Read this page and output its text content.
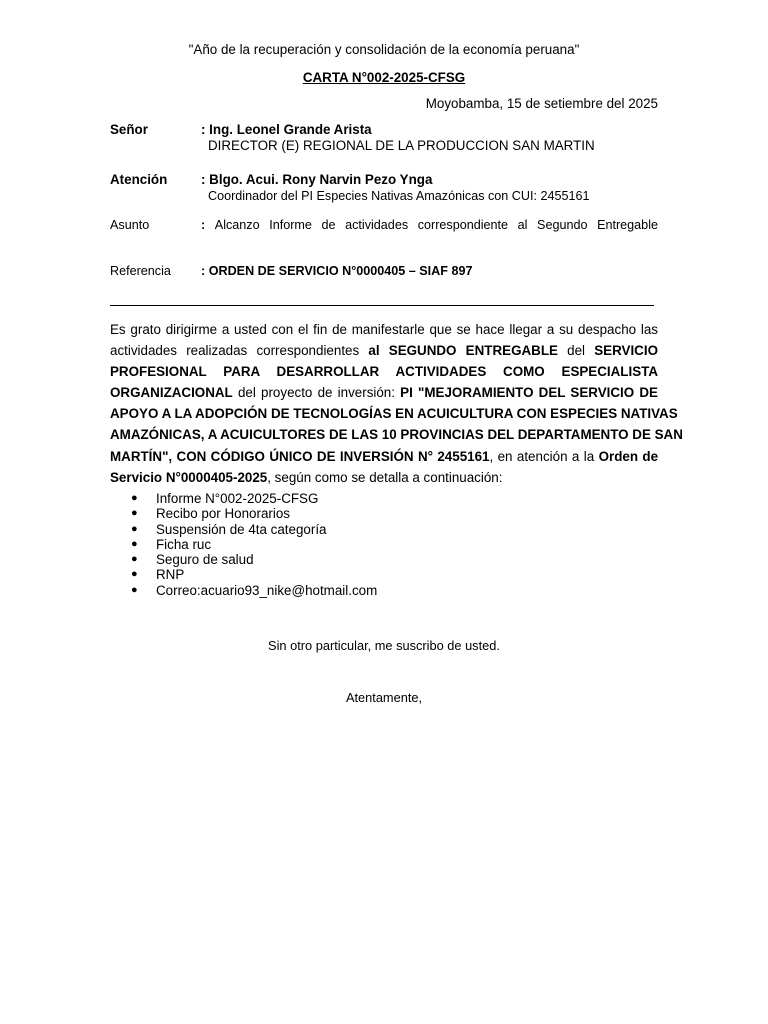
"Año de la recuperación y consolidación de la economía peruana"
CARTA N°002-2025-CFSG
Moyobamba, 15 de setiembre del 2025
Señor	: Ing. Leonel Grande Arista
DIRECTOR (E) REGIONAL DE LA PRODUCCION SAN MARTIN
Atención	: Blgo. Acui. Rony Narvin Pezo Ynga
Coordinador del PI Especies Nativas Amazónicas con CUI: 2455161
Asunto	: Alcanzo Informe de actividades correspondiente al Segundo Entregable
Referencia : ORDEN DE SERVICIO N°0000405 – SIAF 897
Es grato dirigirme a usted con el fin de manifestarle que se hace llegar a su despacho las
actividades realizadas correspondientes al SEGUNDO ENTREGABLE del SERVICIO
PROFESIONAL PARA DESARROLLAR ACTIVIDADES COMO ESPECIALISTA
ORGANIZACIONAL del proyecto de inversión: PI "MEJORAMIENTO DEL SERVICIO DE
APOYO A LA ADOPCIÓN DE TECNOLOGÍAS EN ACUICULTURA CON ESPECIES NATIVAS
AMAZÓNICAS, A ACUICULTORES DE LAS 10 PROVINCIAS DEL DEPARTAMENTO DE SAN
MARTÍN", CON CÓDIGO ÚNICO DE INVERSIÓN N° 2455161, en atención a la Orden de
Servicio N°0000405-2025, según como se detalla a continuación:
● Informe N°002-2025-CFSG
● Recibo por Honorarios
● Suspensión de 4ta categoría
● Ficha ruc
● Seguro de salud
● RNP
● Correo:acuario93_nike@hotmail.com
Sin otro particular, me suscribo de usted.
Atentamente,
